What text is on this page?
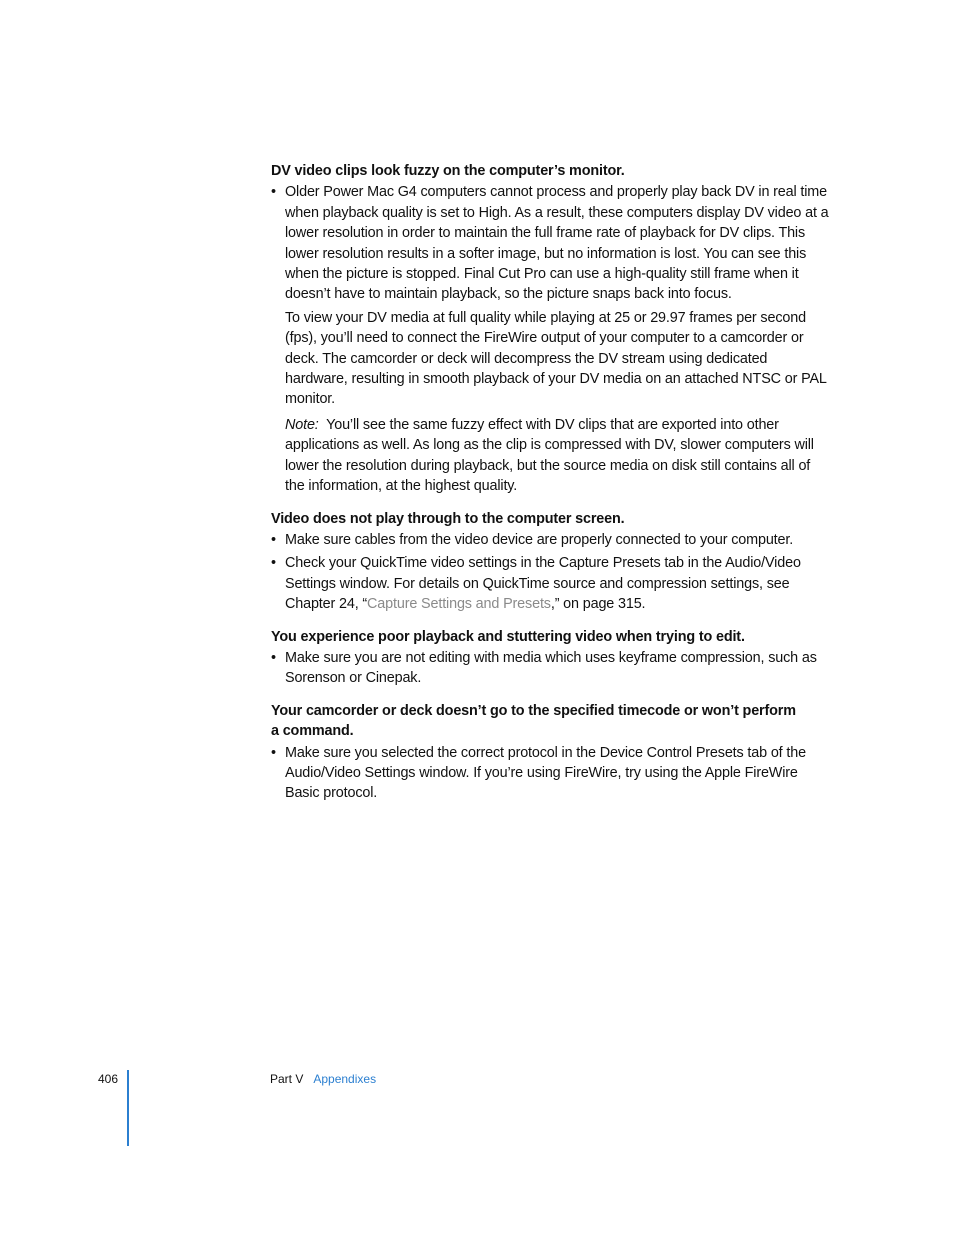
DV video clips look fuzzy on the computer’s monitor.
• Older Power Mac G4 computers cannot process and properly play back DV in real time when playback quality is set to High. As a result, these computers display DV video at a lower resolution in order to maintain the full frame rate of playback for DV clips. This lower resolution results in a softer image, but no information is lost. You can see this when the picture is stopped. Final Cut Pro can use a high-quality still frame when it doesn’t have to maintain playback, so the picture snaps back into focus.
To view your DV media at full quality while playing at 25 or 29.97 frames per second (fps), you’ll need to connect the FireWire output of your computer to a camcorder or deck. The camcorder or deck will decompress the DV stream using dedicated hardware, resulting in smooth playback of your DV media on an attached NTSC or PAL monitor.
Note: You’ll see the same fuzzy effect with DV clips that are exported into other applications as well. As long as the clip is compressed with DV, slower computers will lower the resolution during playback, but the source media on disk still contains all of the information, at the highest quality.
Video does not play through to the computer screen.
• Make sure cables from the video device are properly connected to your computer.
• Check your QuickTime video settings in the Capture Presets tab in the Audio/Video Settings window. For details on QuickTime source and compression settings, see Chapter 24, “Capture Settings and Presets,” on page 315.
You experience poor playback and stuttering video when trying to edit.
• Make sure you are not editing with media which uses keyframe compression, such as Sorenson or Cinepak.
Your camcorder or deck doesn’t go to the specified timecode or won’t perform
a command.
• Make sure you selected the correct protocol in the Device Control Presets tab of the Audio/Video Settings window. If you’re using FireWire, try using the Apple FireWire Basic protocol.
406	Part V Appendixes
